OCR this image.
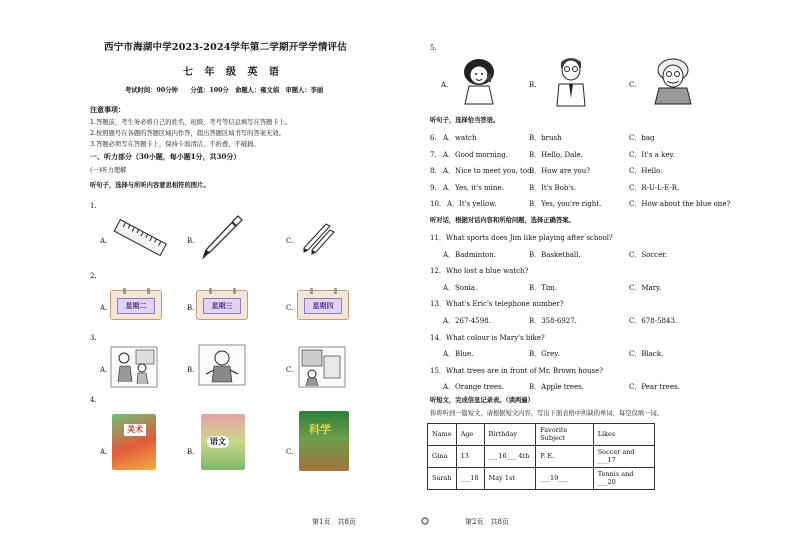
西宁市海湖中学2023-2024学年第二学期开学学情评估
七 年 级 英 语
考试时间：90分钟　　分值：100分　命题人：雍文娟　审题人：李丽
注意事项：
1.答题前，考生务必将自己的姓名、班级、考号等信息填写在答题卡上。
2.按照题号在各题的答题区域内作答，超出答题区域书写的答案无效。
3.答题必须写在答题卡上，保持卡面清洁、不折叠、不破损。
一、听力部分（30小题，每小题1分，共30分）
(一)听力理解
听句子，选择与所听内容意思相符的图片。
1.
A.	B.	C.
2.
A.	星期二	B.	星期三	C.	星期四
3.
A.	B.	C.
4.
A.
美术
B.
语文
C.
科学
第1页　共8页
5.
A.	B.	C.
听句子，选择恰当答语。
6. A．watch	B．brush	C．bag
7. A．Good morning.	B．Hello, Dale.	C．It's a key.
8. A．Nice to meet you, too.
B．How are you?	C．Hello.
9. A．Yes, it's mine.	B．It's Bob's.	C．R-U-L-E-R.
10. A．It's yellow.	B．Yes, you're right.	C．How about the blue one?
听对话，根据对话内容和所给问题，选择正确答案。
11．What sports does Jim like playing after school?
A．Badminton.	B．Basketball.	C．Soccer.
12．Who lost a blue watch?
A．Sonia.	B．Tim.	C．Mary.
13．What's Eric's telephone number?
A．267-4598.	B．358-6927.	C．678-5843.
14．What colour is Mary's bike?
A．Blue.	B．Grey.	C．Black.
15．What trees are in front of Mr. Brown house?
A．Orange trees.	B．Apple trees.	C．Pear trees.
听短文，完成信息记录表。（读两遍）
你将听到一篇短文，请根据短文内容，写出下面表格中所缺的单词，每空仅填一词。
Name	Age	Birthday	Favorite Subject	Likes
Gina	13	___16___ 4th	P. E.	Soccer and ___17
Sarah	___18	May 1st	___19___	Tennis and ___20
第2页　共8页
